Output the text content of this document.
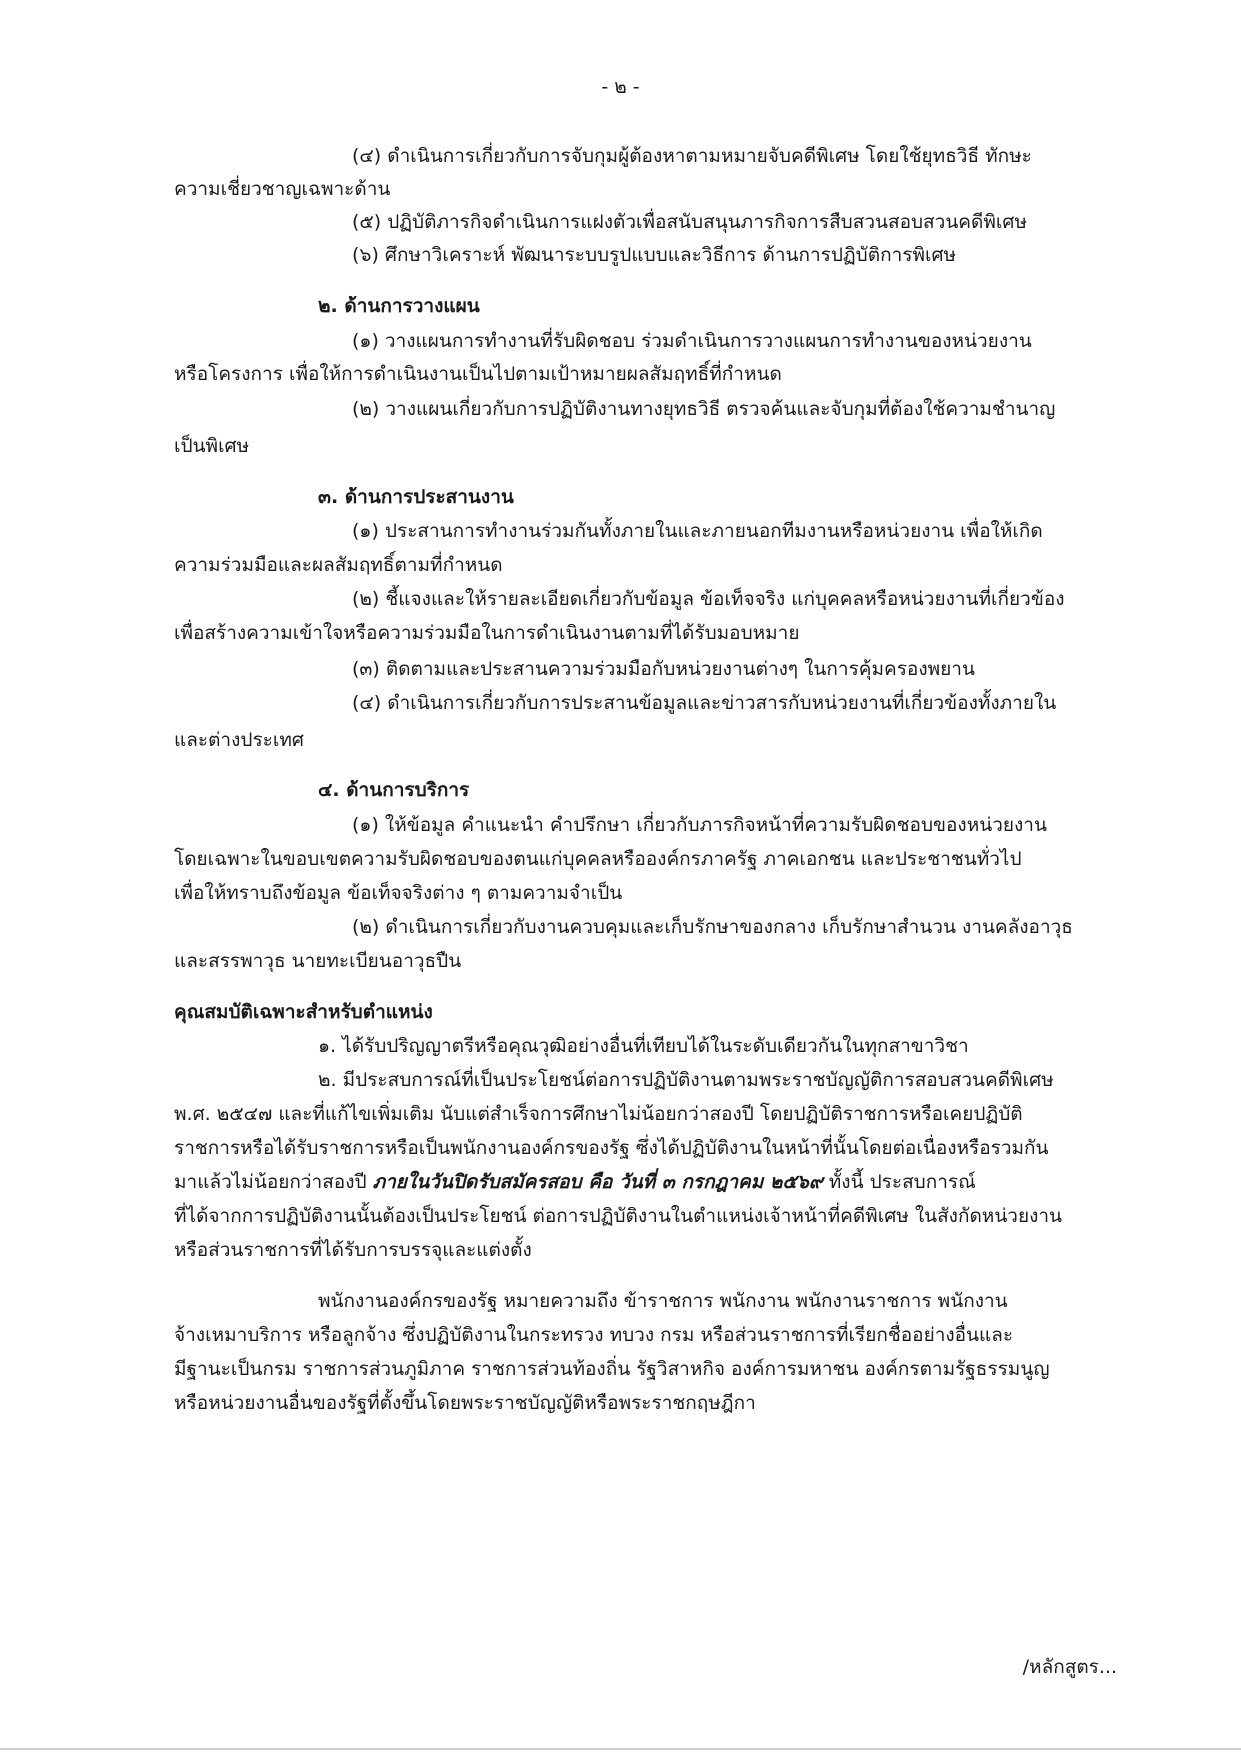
- ๒ -
(๔) ดำเนินการเกี่ยวกับการจับกุมผู้ต้องหาตามหมายจับคดีพิเศษ โดยใช้ยุทธวิธี ทักษะ
ความเชี่ยวชาญเฉพาะด้าน
(๕) ปฏิบัติภารกิจดำเนินการแฝงตัวเพื่อสนับสนุนภารกิจการสืบสวนสอบสวนคดีพิเศษ
(๖) ศึกษาวิเคราะห์ พัฒนาระบบรูปแบบและวิธีการ ด้านการปฏิบัติการพิเศษ
๒. ด้านการวางแผน
(๑) วางแผนการทำงานที่รับผิดชอบ ร่วมดำเนินการวางแผนการทำงานของหน่วยงาน
หรือโครงการ เพื่อให้การดำเนินงานเป็นไปตามเป้าหมายผลสัมฤทธิ์ที่กำหนด
(๒) วางแผนเกี่ยวกับการปฏิบัติงานทางยุทธวิธี ตรวจค้นและจับกุมที่ต้องใช้ความชำนาญ
เป็นพิเศษ
๓. ด้านการประสานงาน
(๑) ประสานการทำงานร่วมกันทั้งภายในและภายนอกทีมงานหรือหน่วยงาน เพื่อให้เกิด
ความร่วมมือและผลสัมฤทธิ์ตามที่กำหนด
(๒) ชี้แจงและให้รายละเอียดเกี่ยวกับข้อมูล ข้อเท็จจริง แก่บุคคลหรือหน่วยงานที่เกี่ยวข้อง
เพื่อสร้างความเข้าใจหรือความร่วมมือในการดำเนินงานตามที่ได้รับมอบหมาย
(๓) ติดตามและประสานความร่วมมือกับหน่วยงานต่างๆ ในการคุ้มครองพยาน
(๔) ดำเนินการเกี่ยวกับการประสานข้อมูลและข่าวสารกับหน่วยงานที่เกี่ยวข้องทั้งภายใน
และต่างประเทศ
๔. ด้านการบริการ
(๑) ให้ข้อมูล คำแนะนำ คำปรึกษา เกี่ยวกับภารกิจหน้าที่ความรับผิดชอบของหน่วยงาน
โดยเฉพาะในขอบเขตความรับผิดชอบของตนแก่บุคคลหรือองค์กรภาครัฐ ภาคเอกชน และประชาชนทั่วไป
เพื่อให้ทราบถึงข้อมูล ข้อเท็จจริงต่าง ๆ ตามความจำเป็น
(๒) ดำเนินการเกี่ยวกับงานควบคุมและเก็บรักษาของกลาง เก็บรักษาสำนวน งานคลังอาวุธ
และสรรพาวุธ นายทะเบียนอาวุธปืน
คุณสมบัติเฉพาะสำหรับตำแหน่ง
๑. ได้รับปริญญาตรีหรือคุณวุฒิอย่างอื่นที่เทียบได้ในระดับเดียวกันในทุกสาขาวิชา
๒. มีประสบการณ์ที่เป็นประโยชน์ต่อการปฏิบัติงานตามพระราชบัญญัติการสอบสวนคดีพิเศษ
พ.ศ. ๒๕๔๗ และที่แก้ไขเพิ่มเติม นับแต่สำเร็จการศึกษาไม่น้อยกว่าสองปี โดยปฏิบัติราชการหรือเคยปฏิบัติ
ราชการหรือได้รับราชการหรือเป็นพนักงานองค์กรของรัฐ ซึ่งได้ปฏิบัติงานในหน้าที่นั้นโดยต่อเนื่องหรือรวมกัน
มาแล้วไม่น้อยกว่าสองปี ภายในวันปิดรับสมัครสอบ คือ วันที่ ๓ กรกฎาคม ๒๕๖๙ ทั้งนี้ ประสบการณ์
ที่ได้จากการปฏิบัติงานนั้นต้องเป็นประโยชน์ ต่อการปฏิบัติงานในตำแหน่งเจ้าหน้าที่คดีพิเศษ ในสังกัดหน่วยงาน
หรือส่วนราชการที่ได้รับการบรรจุและแต่งตั้ง
พนักงานองค์กรของรัฐ หมายความถึง ข้าราชการ พนักงาน พนักงานราชการ พนักงาน
จ้างเหมาบริการ หรือลูกจ้าง ซึ่งปฏิบัติงานในกระทรวง ทบวง กรม หรือส่วนราชการที่เรียกชื่ออย่างอื่นและ
มีฐานะเป็นกรม ราชการส่วนภูมิภาค ราชการส่วนท้องถิ่น รัฐวิสาหกิจ องค์การมหาชน องค์กรตามรัฐธรรมนูญ
หรือหน่วยงานอื่นของรัฐที่ตั้งขึ้นโดยพระราชบัญญัติหรือพระราชกฤษฎีกา
/หลักสูตร...
